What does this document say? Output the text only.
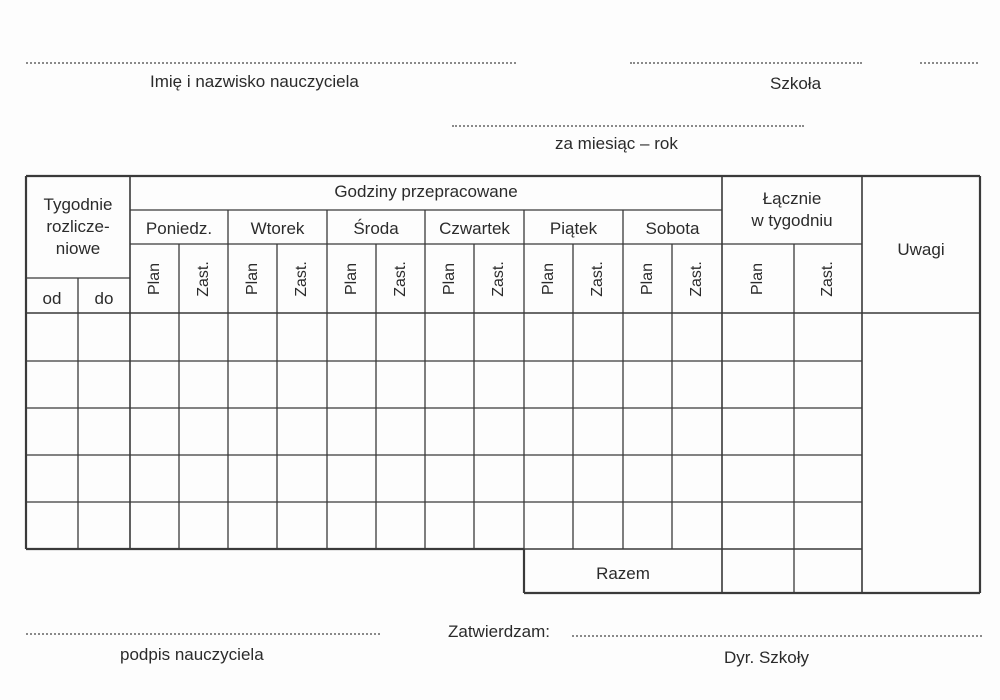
Imię i nazwisko nauczyciela	Szkoła
za miesiąc – rok
Tygodnie
rozlicze-
niowe
od	do
Godziny przepracowane
Poniedz.	Wtorek	Środa	Czwartek	Piątek	Sobota
Łącznie
w tygodniu
Uwagi
Plan Zast. Plan Zast. Plan Zast. Plan Zast. Plan Zast. Plan Zast.	Plan	Zast.
Razem
podpis nauczyciela
Zatwierdzam:
Dyr. Szkoły
